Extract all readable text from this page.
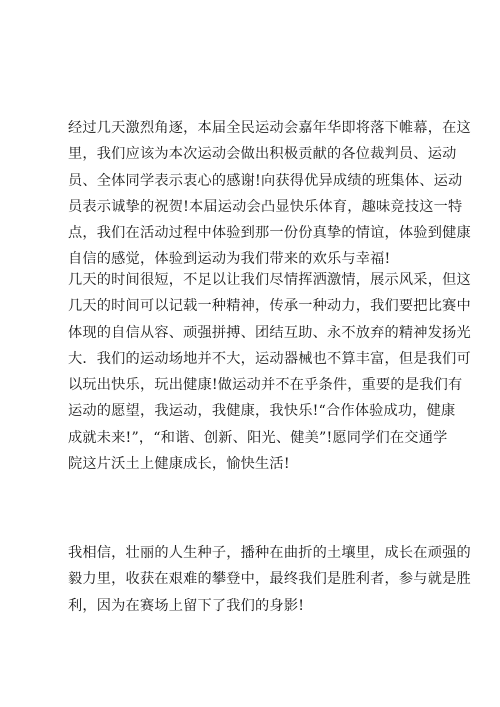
经过几天激烈角逐，本届全民运动会嘉年华即将落下帷幕，在这
里，我们应该为本次运动会做出积极贡献的各位裁判员、运动
员、全体同学表示衷心的感谢!向获得优异成绩的班集体、运动
员表示诚挚的祝贺!本届运动会凸显快乐体育，趣味竞技这一特
点，我们在活动过程中体验到那一份份真挚的情谊，体验到健康
自信的感觉，体验到运动为我们带来的欢乐与幸福!
几天的时间很短，不足以让我们尽情挥洒激情，展示风采，但这
几天的时间可以记载一种精神，传承一种动力，我们要把比赛中
体现的自信从容、顽强拼搏、团结互助、永不放弃的精神发扬光
大．我们的运动场地并不大，运动器械也不算丰富，但是我们可
以玩出快乐，玩出健康!做运动并不在乎条件，重要的是我们有
运动的愿望，我运动，我健康，我快乐!“合作体验成功，健康
成就未来!”，“和谐、创新、阳光、健美”!愿同学们在交通学
院这片沃土上健康成长，愉快生活!
我相信，壮丽的人生种子，播种在曲折的土壤里，成长在顽强的
毅力里，收获在艰难的攀登中，最终我们是胜利者，参与就是胜
利，因为在赛场上留下了我们的身影!
